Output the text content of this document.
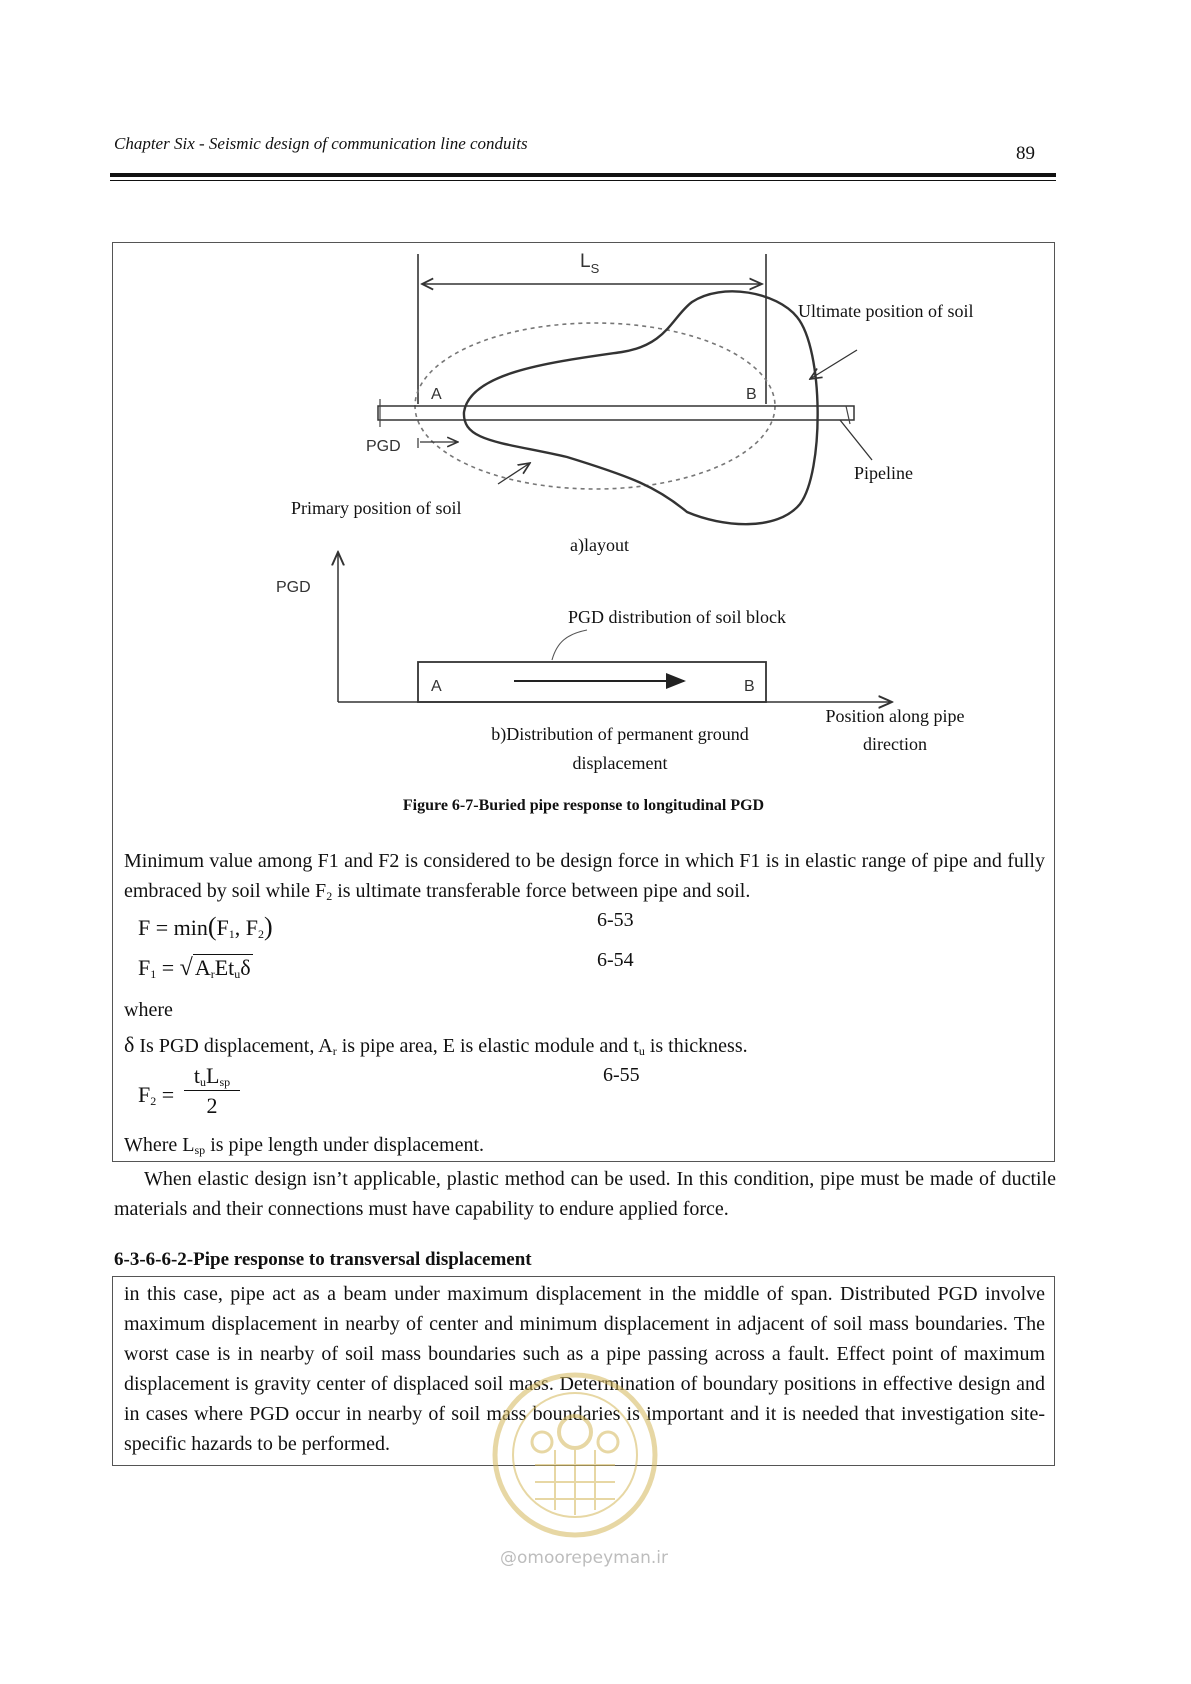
Chapter Six - Seismic design of communication line conduits	89
$L_S$
A	B
PGD
Ultimate position of soil
Pipeline
Primary position of soil
a)layout
PGD
PGD distribution of soil block
A	B
Position along pipe
direction
b)Distribution of permanent ground
displacement
Figure 6-7-Buried pipe response to longitudinal PGD
Minimum value among F1 and F2 is considered to be design force in which F1 is in elastic range of pipe and fully embraced by soil while $F_2$ is ultimate transferable force between pipe and soil.
$F = \min(F_1$, $F_2$)	6-53
$F_1 = √A_rEt_u\delta$	6-54
where
δ Is PGD displacement, $A_r$ is pipe area, E is elastic module and $t_u$ is thickness.
$F_2$ =
$t_uL_{sp}$
2
6-55
Where $L_{sp}$ is pipe length under displacement.
When elastic design isn’t applicable, plastic method can be used. In this condition, pipe must be made of ductile materials and their connections must have capability to endure applied force.
6-3-6-6-2-Pipe response to transversal displacement
in this case, pipe act as a beam under maximum displacement in the middle of span. Distributed PGD involve maximum displacement in nearby of center and minimum displacement in adjacent of soil mass boundaries. The worst case is in nearby of soil mass boundaries such as a pipe passing across a fault. Effect point of maximum displacement is gravity center of displaced soil mass. Determination of boundary positions in effective design and in cases where PGD occur in nearby of soil mass boundaries is important and it is needed that investigation site-specific hazards to be performed.
@omoorepeyman.ir
